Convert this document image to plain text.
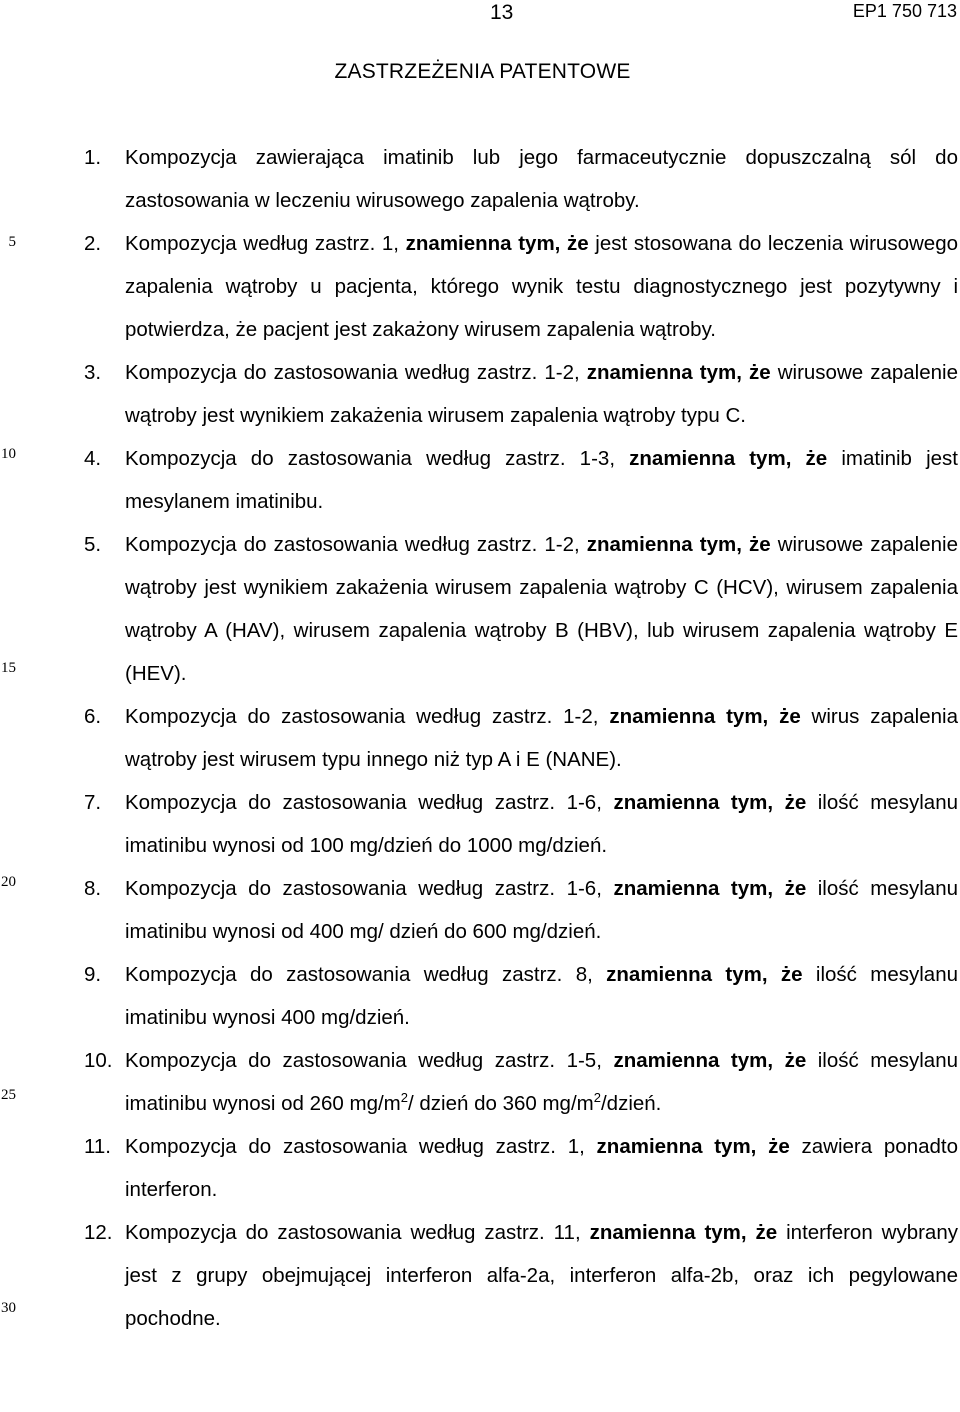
13	EP1 750 713
ZASTRZEŻENIA PATENTOWE
5
10
15
20
25
30
1.	Kompozycja zawierająca imatinib lub jego farmaceutycznie dopuszczalną sól do zastosowania w leczeniu wirusowego zapalenia wątroby.
2.	Kompozycja według zastrz. 1, znamienna tym, że jest stosowana do leczenia wirusowego zapalenia wątroby u pacjenta, którego wynik testu diagnostycznego jest pozytywny i potwierdza, że pacjent jest zakażony wirusem zapalenia wątroby.
3.	Kompozycja do zastosowania według zastrz. 1-2, znamienna tym, że wirusowe zapalenie wątroby jest wynikiem zakażenia wirusem zapalenia wątroby typu C.
4.	Kompozycja do zastosowania według zastrz. 1-3, znamienna tym, że imatinib jest mesylanem imatinibu.
5.	Kompozycja do zastosowania według zastrz. 1-2, znamienna tym, że wirusowe zapalenie wątroby jest wynikiem zakażenia wirusem zapalenia wątroby C (HCV), wirusem zapalenia wątroby A (HAV), wirusem zapalenia wątroby B (HBV), lub wirusem zapalenia wątroby E (HEV).
6.	Kompozycja do zastosowania według zastrz. 1-2, znamienna tym, że wirus zapalenia wątroby jest wirusem typu innego niż typ A i E (NANE).
7.	Kompozycja do zastosowania według zastrz. 1-6, znamienna tym, że ilość mesylanu imatinibu wynosi od 100 mg/dzień do 1000 mg/dzień.
8.	Kompozycja do zastosowania według zastrz. 1-6, znamienna tym, że ilość mesylanu imatinibu wynosi od 400 mg/ dzień do 600 mg/dzień.
9.	Kompozycja do zastosowania według zastrz. 8, znamienna tym, że ilość mesylanu imatinibu wynosi 400 mg/dzień.
10. Kompozycja do zastosowania według zastrz. 1-5, znamienna tym, że ilość mesylanu imatinibu wynosi od 260 $mg/m^2/$ dzień do 360 $mg/m^2$/dzień.
11. Kompozycja do zastosowania według zastrz. 1, znamienna tym, że zawiera ponadto interferon.
12. Kompozycja do zastosowania według zastrz. 11, znamienna tym, że interferon wybrany jest z grupy obejmującej interferon alfa-2a, interferon alfa-2b, oraz ich pegylowane pochodne.
